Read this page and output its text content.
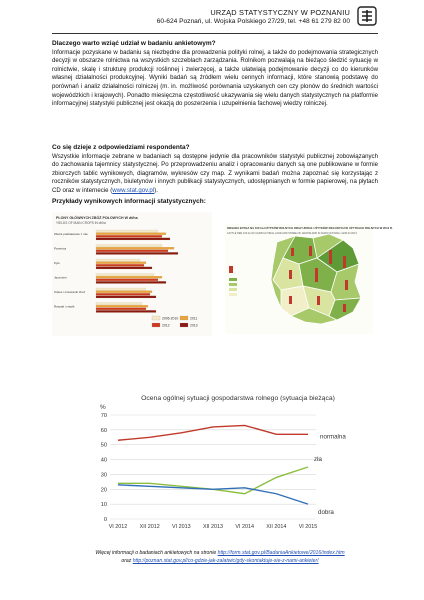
URZĄD STATYSTYCZNY W POZNANIU
60-624 Poznań, ul. Wojska Polskiego 27/29, tel. +48 61 279 82 00
Dlaczego warto wziąć udział w badaniu ankietowym?
Informacje pozyskane w badaniu są niezbędne dla prowadzenia polityki rolnej, a także do podejmowania strategicznych decyzji w obszarze rolnictwa na wszystkich szczeblach zarządzania. Rolnikom pozwalają na bieżąco śledzić sytuację w rolnictwie, skalę i strukturę produkcji roślinnej i zwierzęcej, a także ułatwiają podejmowanie decyzji co do kierunków własnej działalności produkcyjnej. Wyniki badań są źródłem wielu cennych informacji, które stanowią podstawę do porównań i analiz działalności rolniczej (m. in. możliwość porównania uzyskanych cen czy plonów do średnich wartości wojewódzkich i krajowych). Ponadto miesięczna częstotliwość ukazywania się wielu danych statystycznych na platformie informacyjnej statystyki publicznej jest okazją do poszerzenia i uzupełnienia fachowej wiedzy rolniczej.
Co się dzieje z odpowiedziami respondenta?
Wszystkie informacje zebrane w badaniach są dostępne jedynie dla pracowników statystyki publicznej zobowiązanych do zachowania tajemnicy statystycznej. Po przeprowadzeniu analiz i opracowaniu danych są one publikowane w formie zbiorczych tablic wynikowych, diagramów, wykresów czy map. Z wynikami badań można zapoznać się korzystając z roczników statystycznych, biuletynów i innych publikacji statystycznych, udostępnianych w formie papierowej, na płytach CD oraz w internecie (www.stat.gov.pl).
Przykłady wynikowych informacji statystycznych:
PLONY GŁÓWNYCH ZBÓŻ POŁOWYCH W dt/ha
YIELDS OF MAIN CROPS IN dt/ha
Zboża podstawowe z mie
Pszenica
Żyto
Jęczmień
Owies i mieszanki zboż
Rzepak i rzepik
2006-2010	2011
2012	2013
OBSADA BYDŁA NA 100 ha UŻYTKÓW ROLNYCH ORAZ UDZIAŁ UŻYTKÓW ZIELONYCH W UŻYTKACH ROLNYCH W 2013 R.
CATTLE PER 100 ha OF AGRICULTURAL LAND AND SHARE OF GRASSLAND IN AGRICULTURAL LAND IN 2013
Ocena ogólnej sytuacji gospodarstwa rolnego (sytuacja bieżąca)
VI 2012 XII 2012 VI 2013 XII 2013 VI 2014 XII 2014 VI 2015
0
10
20
30
40
50
60
70
%
normalna
zła
dobra
Więcej informacji o badaniach ankietowych na stronie http://form.stat.gov.pl/BadaniaAnkietowe/2016/index.htm
oraz http://poznan.stat.gov.pl/co-gdzie-jak-zalatwic/gdy-skontaktuje-sie-z-nami-ankieter/
